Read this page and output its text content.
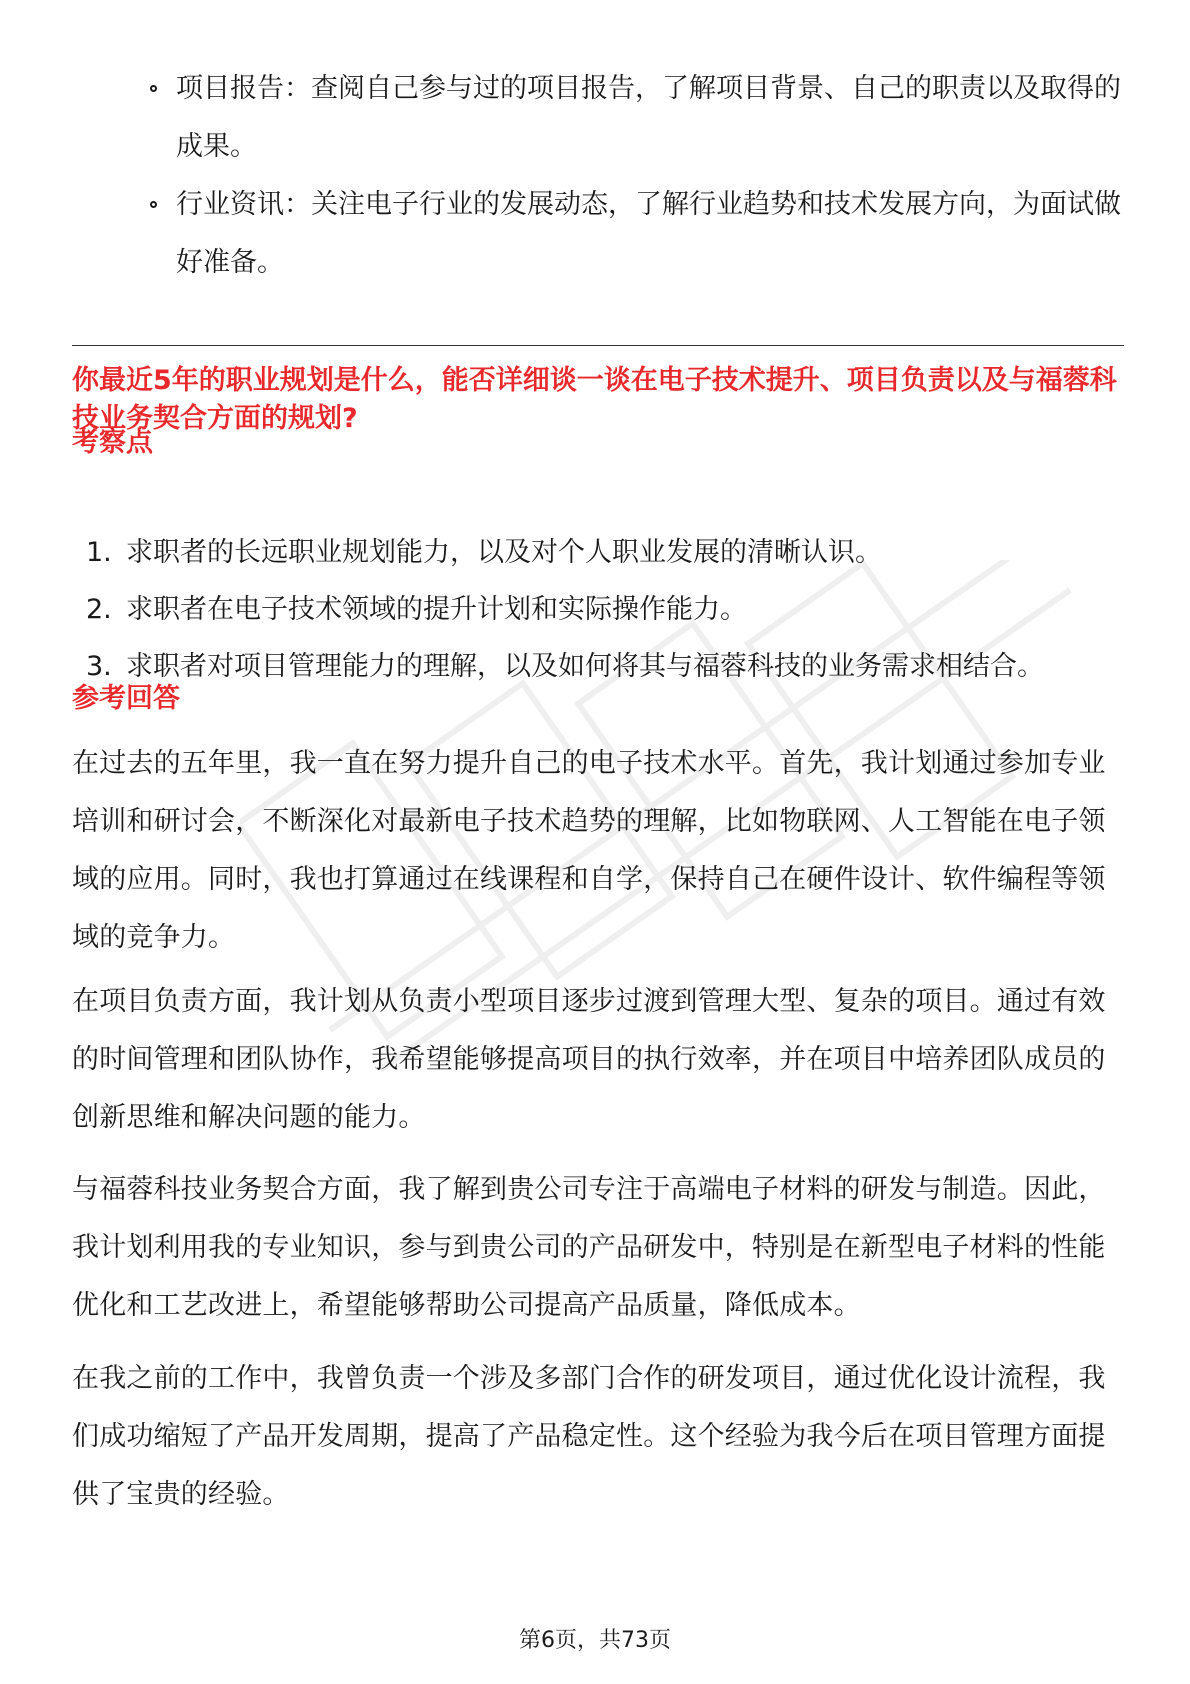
项目报告：查阅自己参与过的项目报告，了解项目背景、自己的职责以及取得的成果。
行业资讯：关注电子行业的发展动态，了解行业趋势和技术发展方向，为面试做好准备。
你最近5年的职业规划是什么，能否详细谈一谈在电子技术提升、项目负责以及与福蓉科技业务契合方面的规划?
考察点
1. 求职者的长远职业规划能力，以及对个人职业发展的清晰认识。
2. 求职者在电子技术领域的提升计划和实际操作能力。
3. 求职者对项目管理能力的理解，以及如何将其与福蓉科技的业务需求相结合。
参考回答

在过去的五年里，我一直在努力提升自己的电子技术水平。首先，我计划通过参加专业培训和研讨会，不断深化对最新电子技术趋势的理解，比如物联网、人工智能在电子领域的应用。同时，我也打算通过在线课程和自学，保持自己在硬件设计、软件编程等领域的竞争力。

在项目负责方面，我计划从负责小型项目逐步过渡到管理大型、复杂的项目。通过有效的时间管理和团队协作，我希望能够提高项目的执行效率，并在项目中培养团队成员的创新思维和解决问题的能力。

与福蓉科技业务契合方面，我了解到贵公司专注于高端电子材料的研发与制造。因此，我计划利用我的专业知识，参与到贵公司的产品研发中，特别是在新型电子材料的性能优化和工艺改进上，希望能够帮助公司提高产品质量，降低成本。

在我之前的工作中，我曾负责一个涉及多部门合作的研发项目，通过优化设计流程，我们成功缩短了产品开发周期，提高了产品稳定性。这个经验为我今后在项目管理方面提供了宝贵的经验。

第6页，共73页
